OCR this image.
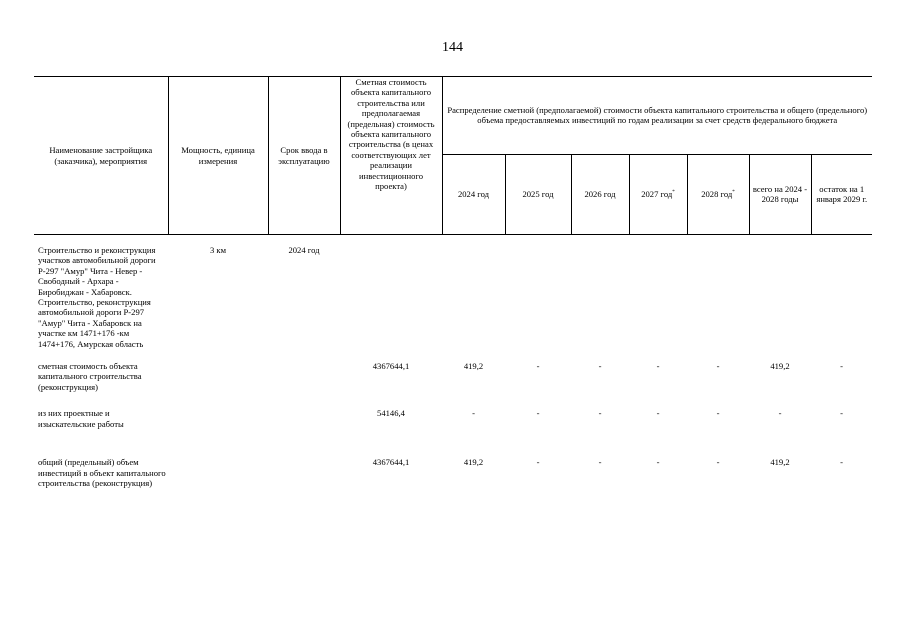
144
Наименование застройщика (заказчика), мероприятия	Мощность, единица измерения	Срок ввода в эксплуатацию	Сметная стоимость объекта капитального строительства или предполагаемая (предельная) стоимость объекта капитального строительства (в ценах соответствующих лет реализации инвестиционного проекта)	Распределение сметной (предполагаемой) стоимости объекта капитального строительства и общего (предельного) объема предоставляемых инвестиций по годам реализации за счет средств федерального бюджета						
				2024 год	2025 год	2026 год	2027 год*	2028 год*	всего на 2024 - 2028 годы	остаток на 1 января 2029 г.

Строительство и реконструкция участков автомобильной дороги Р-297 "Амур" Чита - Невер - Свободный - Архара - Биробиджан - Хабаровск. Строительство, реконструкция автомобильной дороги Р-297 "Амур" Чита - Хабаровск на участке км 1471+176 -км 1474+176, Амурская область	3 км	2024 год								
сметная стоимость объекта капитального строительства (реконструкция)			4367644,1	419,2	-	-	-	-	419,2	-
из них проектные и изыскательские работы			54146,4	-	-	-	-	-	-	-
общий (предельный) объем инвестиций в объект капитального строительства (реконструкция)			4367644,1	419,2	-	-	-	-	419,2	-
